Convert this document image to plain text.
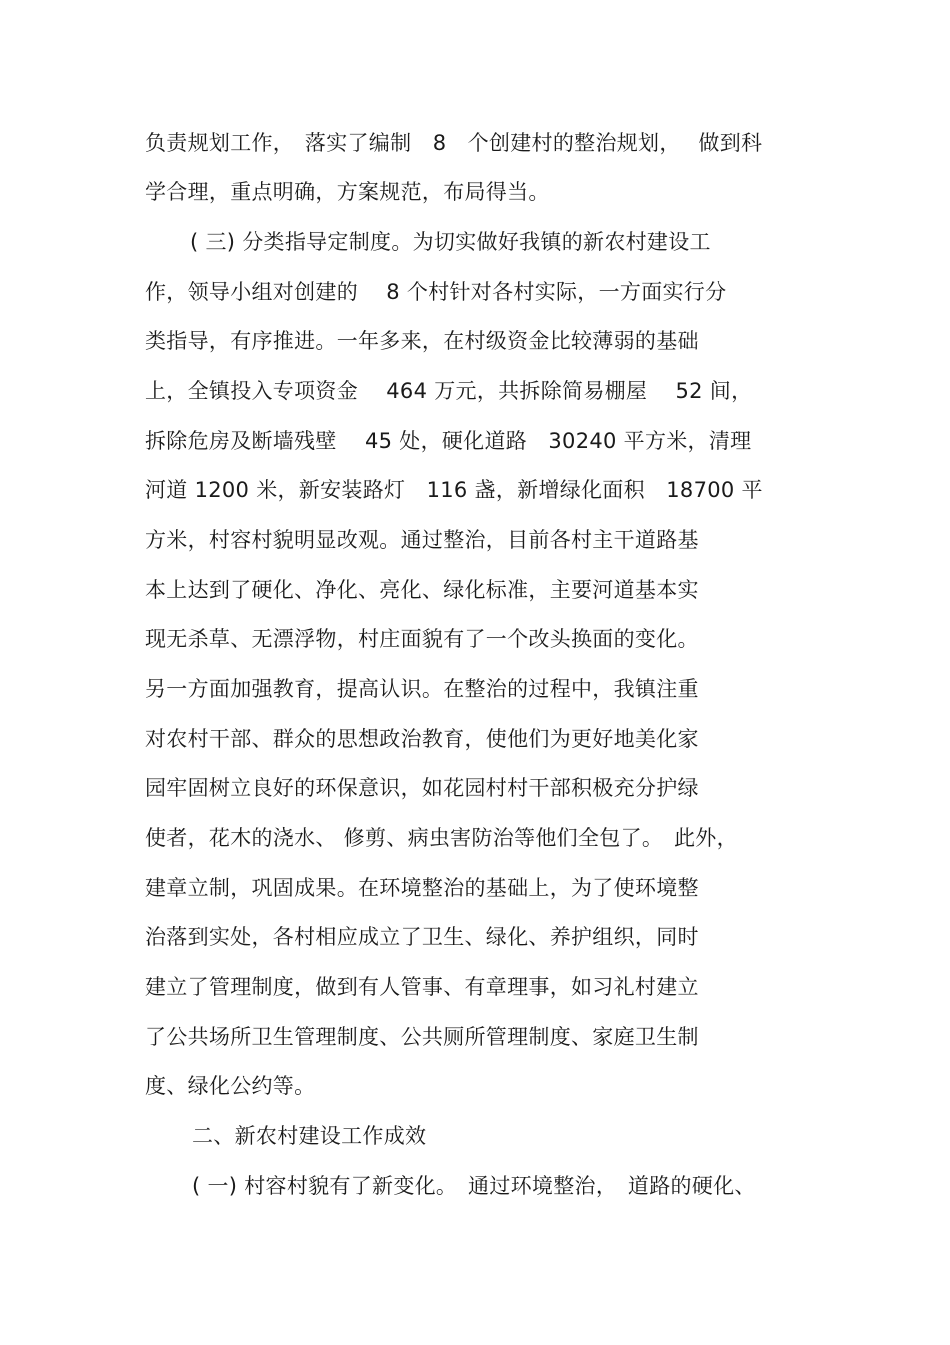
负责规划工作，　落实了编制　8　个创建村的整治规划，　 做到科
学合理，重点明确，方案规范，布局得当。
( 三) 分类指导定制度。为切实做好我镇的新农村建设工
作，领导小组对创建的　 8 个村针对各村实际，一方面实行分
类指导，有序推进。一年多来，在村级资金比较薄弱的基础
上，全镇投入专项资金　 464 万元，共拆除简易棚屋　 52 间，
拆除危房及断墙残壁　 45 处，硬化道路　30240 平方米，清理
河道 1200 米，新安装路灯　116 盏，新增绿化面积　18700 平
方米，村容村貌明显改观。通过整治，目前各村主干道路基
本上达到了硬化、净化、亮化、绿化标准，主要河道基本实
现无杀草、无漂浮物，村庄面貌有了一个改头换面的变化。
另一方面加强教育，提高认识。在整治的过程中，我镇注重
对农村干部、群众的思想政治教育，使他们为更好地美化家
园牢固树立良好的环保意识，如花园村村干部积极充分护绿
使者，花木的浇水、 修剪、病虫害防治等他们全包了。　此外，
建章立制，巩固成果。在环境整治的基础上，为了使环境整
治落到实处，各村相应成立了卫生、绿化、养护组织，同时
建立了管理制度，做到有人管事、有章理事，如习礼村建立
了公共场所卫生管理制度、公共厕所管理制度、家庭卫生制
度、绿化公约等。
二、新农村建设工作成效
( 一) 村容村貌有了新变化。　通过环境整治，　道路的硬化、
